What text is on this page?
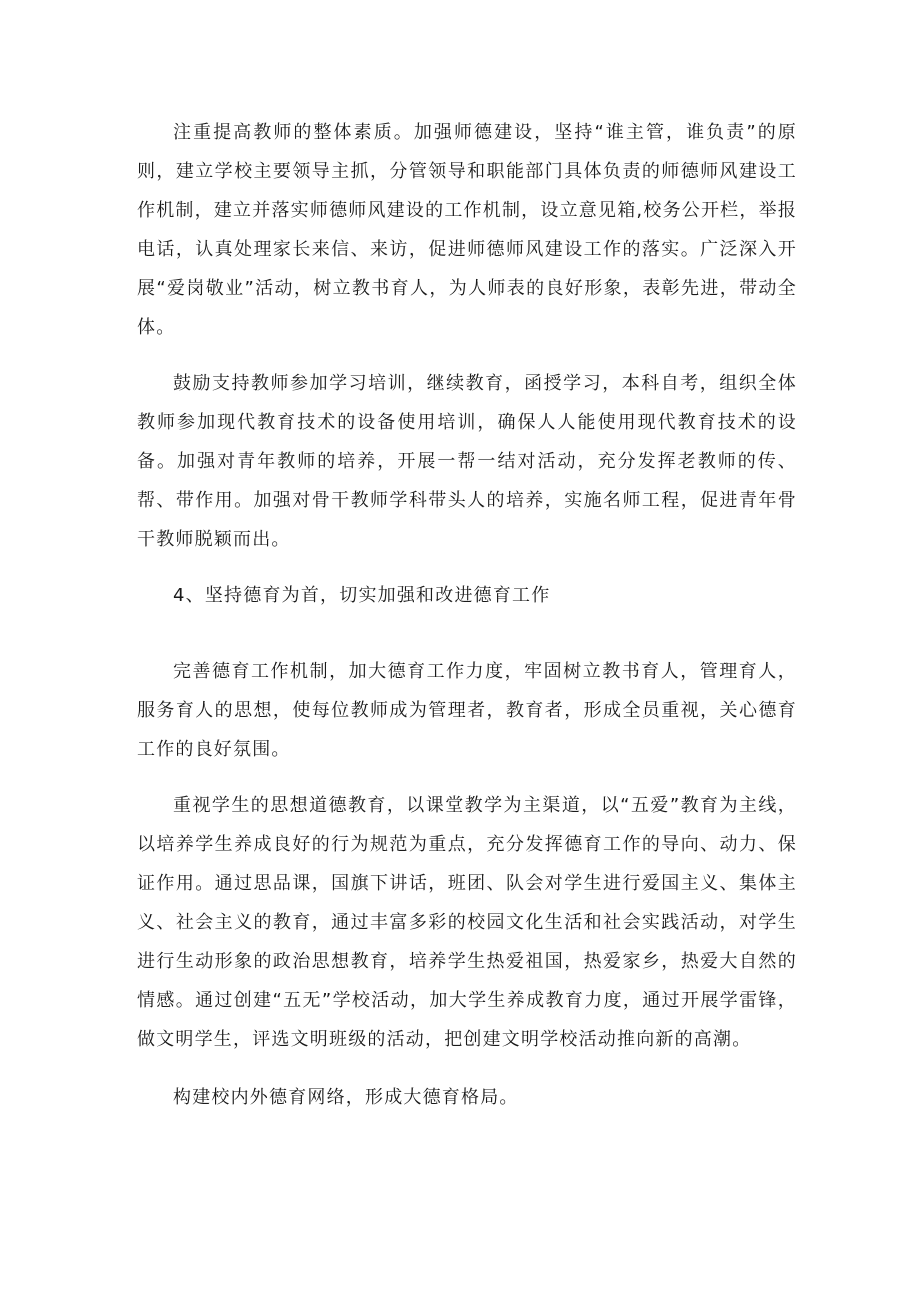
注重提高教师的整体素质。加强师德建设，坚持“谁主管，谁负责”的原则，建立学校主要领导主抓，分管领导和职能部门具体负责的师德师风建设工作机制，建立并落实师德师风建设的工作机制，设立意见箱,校务公开栏，举报电话，认真处理家长来信、来访，促进师德师风建设工作的落实。广泛深入开展“爱岗敬业”活动，树立教书育人，为人师表的良好形象，表彰先进，带动全体。

鼓励支持教师参加学习培训，继续教育，函授学习，本科自考，组织全体教师参加现代教育技术的设备使用培训，确保人人能使用现代教育技术的设备。加强对青年教师的培养，开展一帮一结对活动，充分发挥老教师的传、帮、带作用。加强对骨干教师学科带头人的培养，实施名师工程，促进青年骨干教师脱颖而出。

4、坚持德育为首，切实加强和改进德育工作

完善德育工作机制，加大德育工作力度，牢固树立教书育人，管理育人，服务育人的思想，使每位教师成为管理者，教育者，形成全员重视，关心德育工作的良好氛围。

重视学生的思想道德教育，以课堂教学为主渠道，以“五爱”教育为主线，以培养学生养成良好的行为规范为重点，充分发挥德育工作的导向、动力、保证作用。通过思品课，国旗下讲话，班团、队会对学生进行爱国主义、集体主义、社会主义的教育，通过丰富多彩的校园文化生活和社会实践活动，对学生进行生动形象的政治思想教育，培养学生热爱祖国，热爱家乡，热爱大自然的情感。通过创建“五无”学校活动，加大学生养成教育力度，通过开展学雷锋，做文明学生，评选文明班级的活动，把创建文明学校活动推向新的高潮。

构建校内外德育网络，形成大德育格局。
